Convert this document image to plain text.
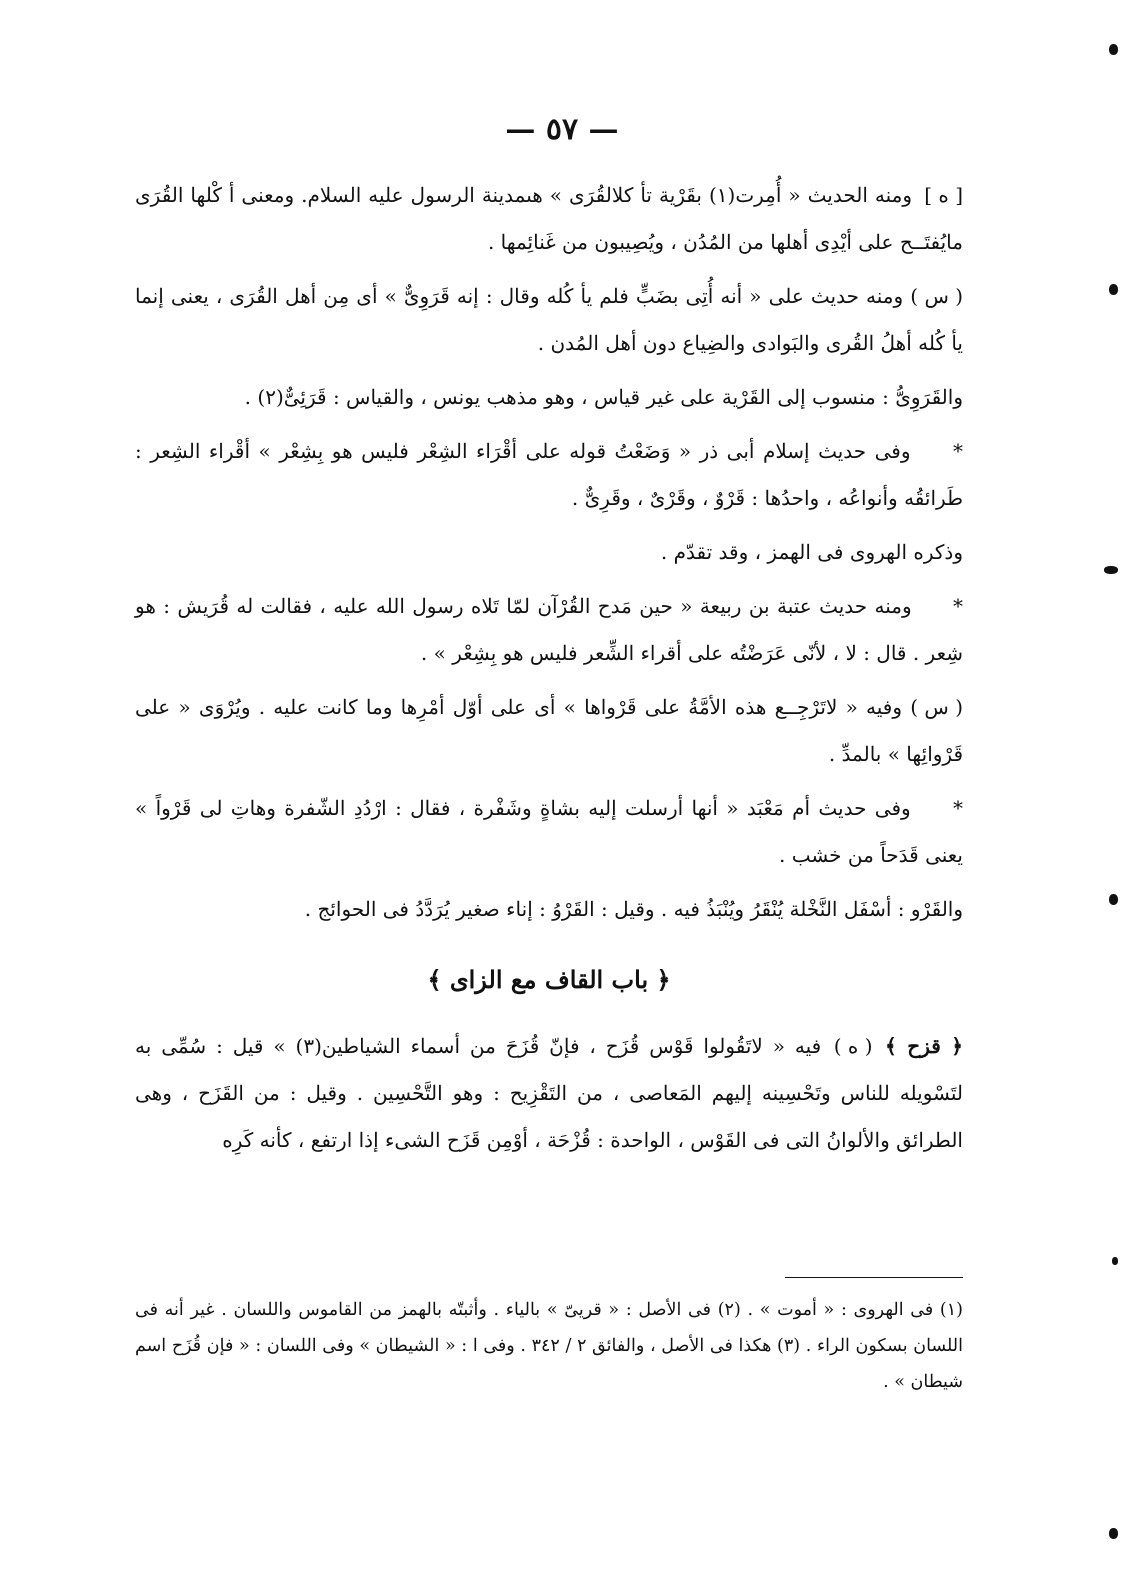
— ٥٧ —

[ ه ] ومنه الحديث « أُمِرت(١) بقَرْية تأ كلالقُرَى » هىمدينة الرسول عليه السلام. ومعنى أ كْلها القُرَى مايُفتَــح على أيْدِى أهلها من المُدُن ، ويُصِيبون من غَنائِمها .

( س ) ومنه حديث على « أنه أُتِى بضَبٍّ فلم يأ كُله وقال : إنه قَرَوِىٌّ » أى مِن أهل القُرَى ، يعنى إنما يأ كُله أهلُ القُرى والبَوادى والضِياع دون أهل المُدن .

والقَرَوِىُّ : منسوب إلى القَرْية على غير قياس ، وهو مذهب يونس ، والقياس : قَرَئِىٌّ(٢) .

* وفى حديث إسلام أبى ذر « وَضَعْتُ قوله على أقْرَاء الشِعْر فليس هو بِشِعْر » أقْراء الشِعر : طَرائقُه وأنواعُه ، واحدُها : قَرْوٌ ، وقَرْىٌ ، وقَرِىٌّ .

وذكره الهروى فى الهمز ، وقد تقدّم .

* ومنه حديث عتبة بن ربيعة « حين مَدح القُرْآن لمّا تَلاه رسول الله عليه ، فقالت له قُرَيش : هو شِعر . قال : لا ، لأنّى عَرَضْتُه على أقراء الشِّعر فليس هو بِشِعْر » .

( س ) وفيه « لاتَرْجِــع هذه الأمَّةُ على قَرْواها » أى على أوّل أمْرِها وما كانت عليه . ويُرْوَى « على قَرْوائِها » بالمدِّ .

* وفى حديث أم مَعْبَد « أنها أرسلت إليه بشاةٍ وشَفْرة ، فقال : ارْدُدِ الشّفرة وهاتِ لى قَرْواً » يعنى قَدَحاً من خشب .

والقَرْو : أسْفَل النَّخْلة يُنْقَرُ ويُنْبَذُ فيه . وقيل : القَرْوُ : إناء صغير يُرَدَّدُ فى الحوائج .

﴿ باب القاف مع الزاى ﴾

﴿ قزح ﴾ ( ه ) فيه « لاتَقُولوا قَوْس قُزَح ، فإنّ قُزَحَ من أسماء الشياطين(٣) » قيل : سُمِّى به لتَسْويله للناس وتَحْسِينه إليهم المَعاصى ، من التَقْزِيح : وهو التَّحْسِين . وقيل : من القَزَح ، وهى الطرائق والألوانُ التى فى القَوْس ، الواحدة : قُزْحَة ، أوْمِن قَزَح الشىء إذا ارتفع ، كأنه كَرِه

(١) فى الهروى : « أموت » . (٢) فى الأصل : « قريىّ » بالياء . وأثبتّه بالهمز من القاموس واللسان . غير أنه فى اللسان بسكون الراء . (٣) هكذا فى الأصل ، والفائق ٢ / ٣٤٢ . وفى ا : « الشيطان » وفى اللسان : « فإن قُزَح اسم شيطان » .
